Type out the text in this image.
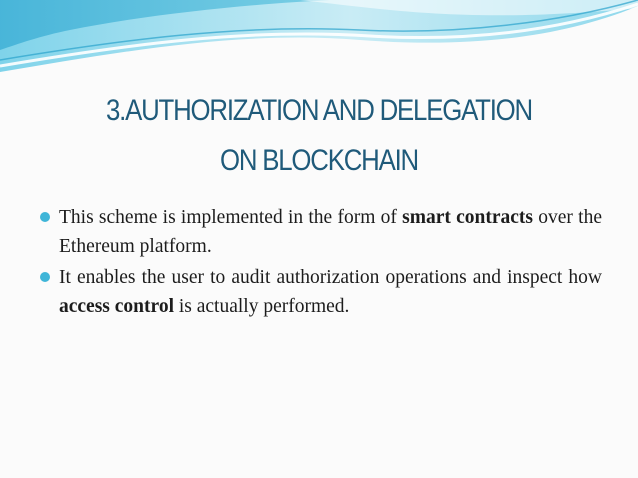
3.AUTHORIZATION AND DELEGATION
ON BLOCKCHAIN
This scheme is implemented in the form of smart contracts over the Ethereum platform.
It enables the user to audit authorization operations and inspect how access control is actually performed.
